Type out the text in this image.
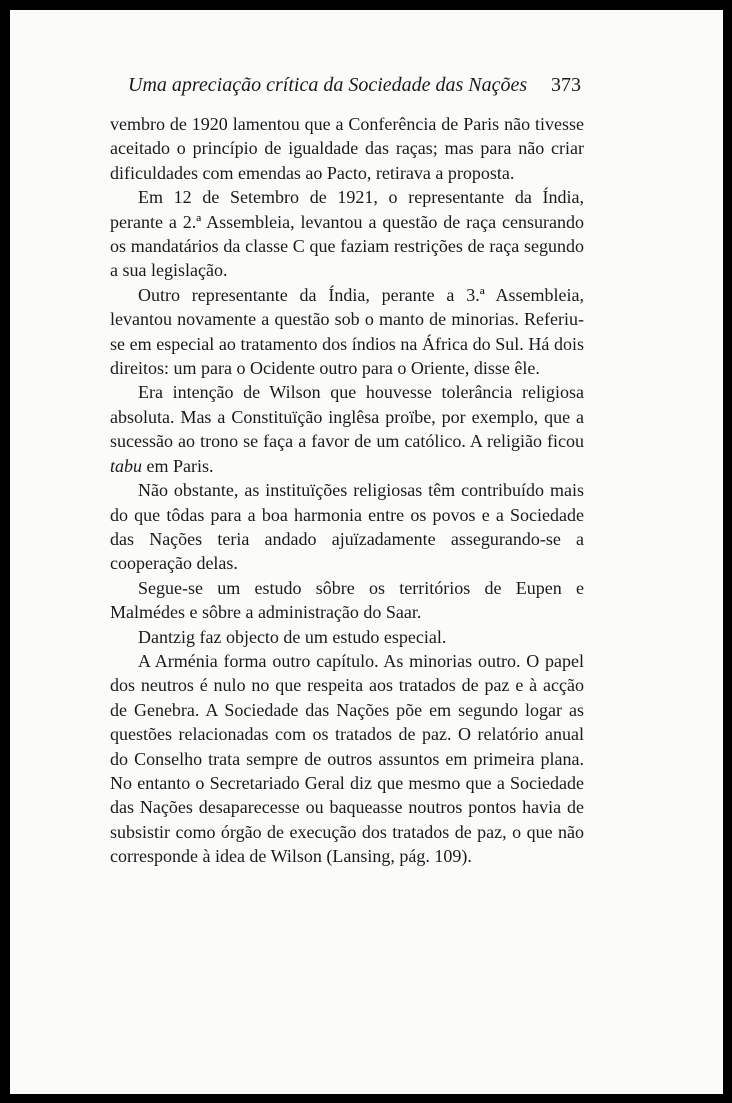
Uma apreciação crítica da Sociedade das Nações 373

vembro de 1920 lamentou que a Conferência de Paris não tivesse aceitado o princípio de igualdade das raças; mas para não criar dificuldades com emendas ao Pacto, retirava a proposta.

Em 12 de Setembro de 1921, o representante da Índia, perante a 2.ª Assembleia, levantou a questão de raça censurando os mandatários da classe C que faziam restrições de raça segundo a sua legislação.

Outro representante da Índia, perante a 3.ª Assembleia, levantou novamente a questão sob o manto de minorias. Referiu-se em especial ao tratamento dos índios na África do Sul. Há dois direitos: um para o Ocidente outro para o Oriente, disse êle.

Era intenção de Wilson que houvesse tolerância religiosa absoluta. Mas a Constituïção inglêsa proïbe, por exemplo, que a sucessão ao trono se faça a favor de um católico. A religião ficou tabu em Paris.

Não obstante, as instituïções religiosas têm contribuído mais do que tôdas para a boa harmonia entre os povos e a Sociedade das Nações teria andado ajuïzadamente assegurando-se a cooperação delas.

Segue-se um estudo sôbre os territórios de Eupen e Malmédes e sôbre a administração do Saar.

Dantzig faz objecto de um estudo especial.

A Arménia forma outro capítulo. As minorias outro. O papel dos neutros é nulo no que respeita aos tratados de paz e à acção de Genebra. A Sociedade das Nações põe em segundo logar as questões relacionadas com os tratados de paz. O relatório anual do Conselho trata sempre de outros assuntos em primeira plana. No entanto o Secretariado Geral diz que mesmo que a Sociedade das Nações desaparecesse ou baqueasse noutros pontos havia de subsistir como órgão de execução dos tratados de paz, o que não corresponde à idea de Wilson (Lansing, pág. 109).
